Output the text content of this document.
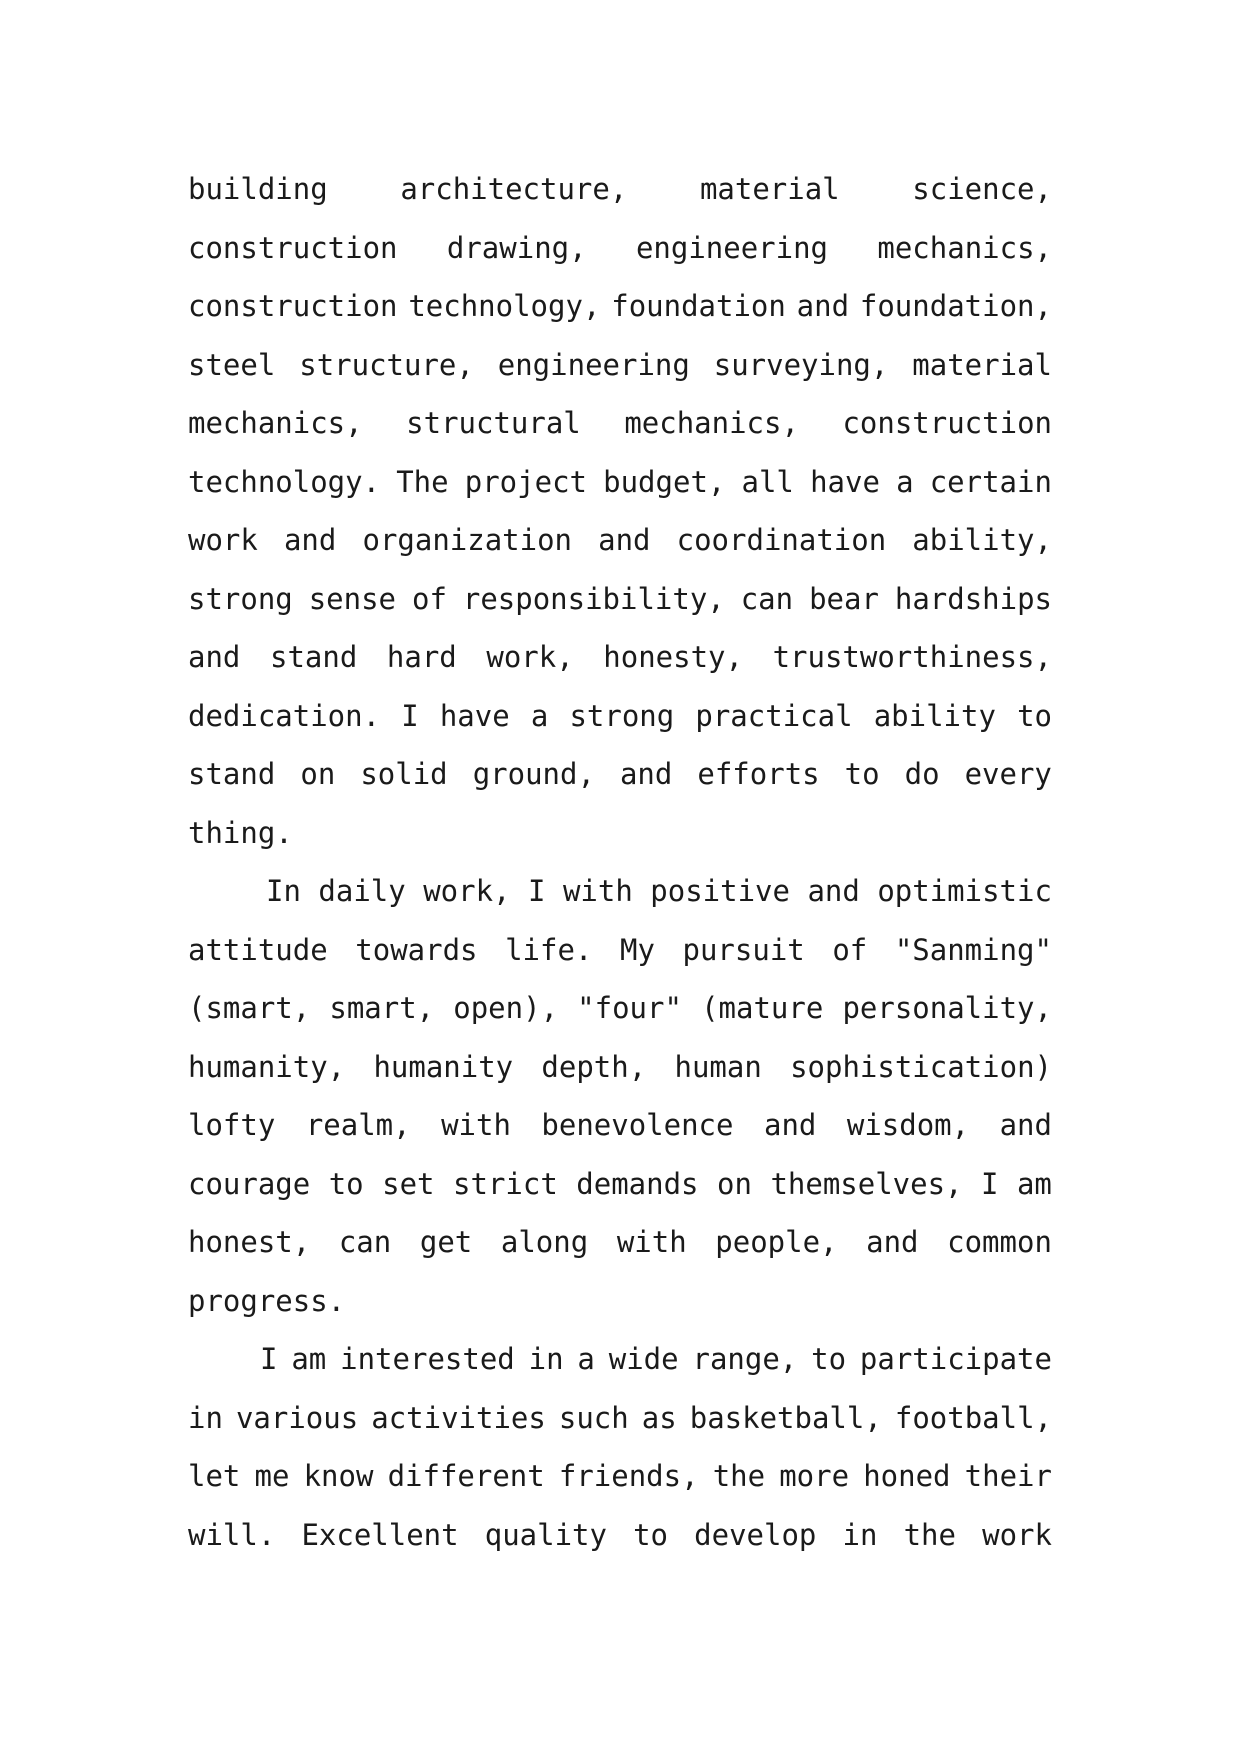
building	architecture,	material	science,
construction drawing, engineering mechanics,
construction technology, foundation and foundation,
steel structure, engineering surveying, material
mechanics, structural mechanics, construction
technology. The project budget, all have a certain
work and organization and coordination ability,
strong sense of responsibility, can bear hardships
and stand hard work, honesty, trustworthiness,
dedication. I have a strong practical ability to
stand on solid ground, and efforts to do every
thing.
In daily work, I with positive and optimistic
attitude towards life. My pursuit of "Sanming"
(smart, smart, open), "four" (mature personality,
humanity, humanity depth, human sophistication)
lofty realm, with benevolence and wisdom, and
courage to set strict demands on themselves, I am
honest, can get along with people, and common
progress.
I am interested in a wide range, to participate
in various activities such as basketball, football,
let me know different friends, the more honed their
will. Excellent quality to develop in the work
